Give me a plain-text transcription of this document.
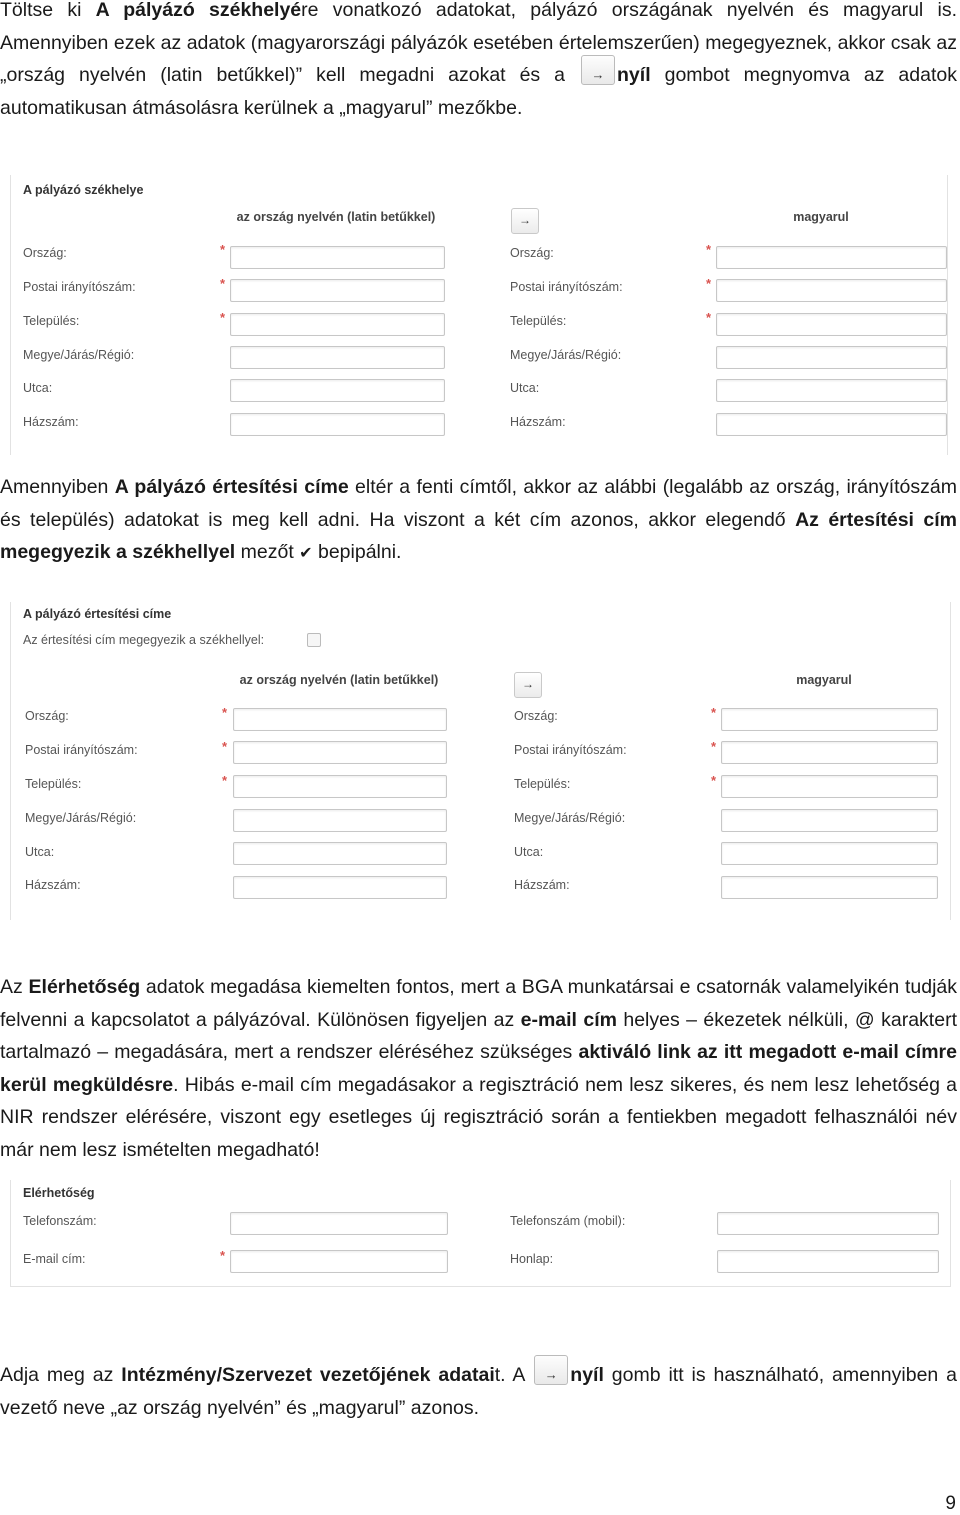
Töltse ki A pályázó székhelyére vonatkozó adatokat, pályázó országának nyelvén és magyarul is. Amennyiben ezek az adatok (magyarországi pályázók esetében értelemszerűen) megegyeznek, akkor csak az „ország nyelvén (latin betűkkel)” kell megadni azokat és a →nyíl gombot megnyomva az adatok automatikusan átmásolásra kerülnek a „magyarul” mezőkbe.

A pályázó székhelye
az ország nyelvén (latin betűkkel) →	magyarul
Ország:	*	Ország:	*
Postai irányítószám:	*	Postai irányítószám:	*
Település:	*	Település:	*
Megye/Járás/Régió:	Megye/Járás/Régió:
Utca:	Utca:
Házszám:	Házszám:

Amennyiben A pályázó értesítési címe eltér a fenti címtől, akkor az alábbi (legalább az ország, irányítószám és település) adatokat is meg kell adni. Ha viszont a két cím azonos, akkor elegendő Az értesítési cím megegyezik a székhellyel mezőt ✔ bepipálni.

A pályázó értesítési címe
Az értesítési cím megegyezik a székhellyel:
az ország nyelvén (latin betűkkel) →	magyarul
Ország:	*	Ország:	*
Postai irányítószám:	*	Postai irányítószám:	*
Település:	*	Település:	*
Megye/Járás/Régió:	Megye/Járás/Régió:
Utca:	Utca:
Házszám:	Házszám:

Az Elérhetőség adatok megadása kiemelten fontos, mert a BGA munkatársai e csatornák valamelyikén tudják felvenni a kapcsolatot a pályázóval. Különösen figyeljen az e-mail cím helyes – ékezetek nélküli, @ karaktert tartalmazó – megadására, mert a rendszer eléréséhez szükséges aktiváló link az itt megadott e-mail címre kerül megküldésre. Hibás e-mail cím megadásakor a regisztráció nem lesz sikeres, és nem lesz lehetőség a NIR rendszer elérésére, viszont egy esetleges új regisztráció során a fentiekben megadott felhasználói név már nem lesz ismételten megadható!

Elérhetőség
Telefonszám:	Telefonszám (mobil):
E-mail cím:	*	Honlap:

Adja meg az Intézmény/Szervezet vezetőjének adatait. A →nyíl gomb itt is használható, amennyiben a vezető neve „az ország nyelvén” és „magyarul” azonos.

9
